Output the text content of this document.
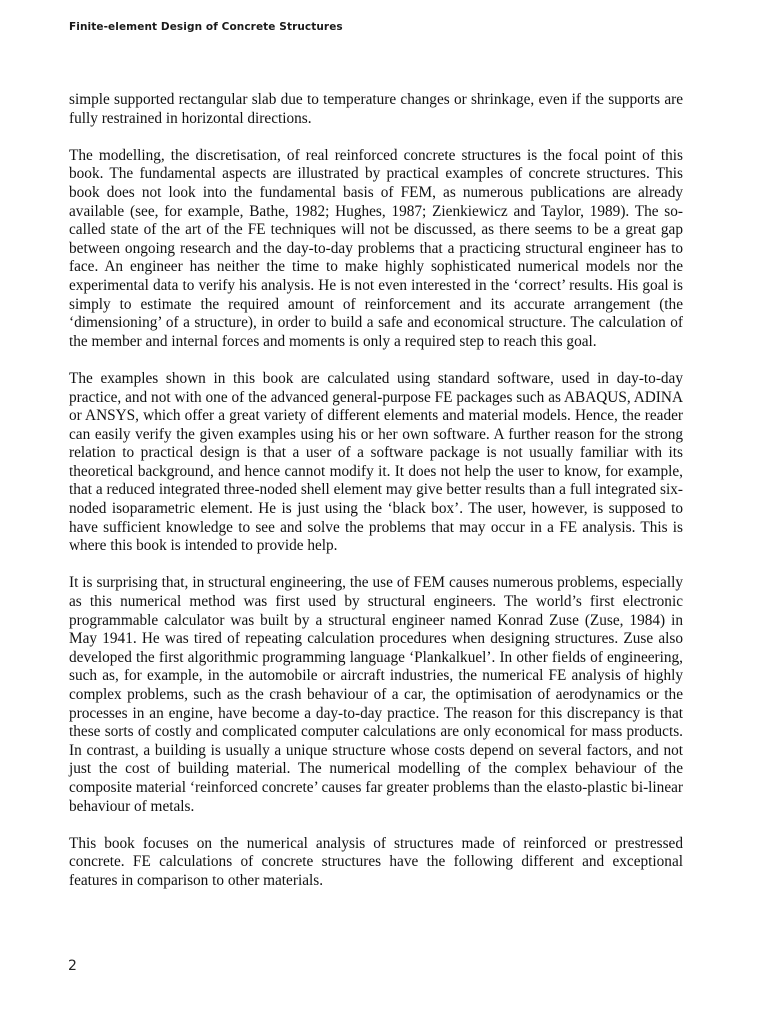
Finite-element Design of Concrete Structures

simple supported rectangular slab due to temperature changes or shrinkage, even if the supports are fully restrained in horizontal directions.

The modelling, the discretisation, of real reinforced concrete structures is the focal point of this book. The fundamental aspects are illustrated by practical examples of concrete structures. This book does not look into the fundamental basis of FEM, as numerous publications are already available (see, for example, Bathe, 1982; Hughes, 1987; Zienkiewicz and Taylor, 1989). The so-called state of the art of the FE techniques will not be discussed, as there seems to be a great gap between ongoing research and the day-to-day problems that a practicing structural engineer has to face. An engineer has neither the time to make highly sophisticated numerical models nor the experimental data to verify his analysis. He is not even interested in the ‘correct’ results. His goal is simply to estimate the required amount of reinforcement and its accurate arrangement (the ‘dimensioning’ of a structure), in order to build a safe and economical structure. The calculation of the member and internal forces and moments is only a required step to reach this goal.

The examples shown in this book are calculated using standard software, used in day-to-day practice, and not with one of the advanced general-purpose FE packages such as ABAQUS, ADINA or ANSYS, which offer a great variety of different elements and material models. Hence, the reader can easily verify the given examples using his or her own software. A further reason for the strong relation to practical design is that a user of a software package is not usually familiar with its theoretical background, and hence cannot modify it. It does not help the user to know, for example, that a reduced integrated three-noded shell element may give better results than a full integrated six-noded isoparametric element. He is just using the ‘black box’. The user, however, is supposed to have sufficient knowledge to see and solve the problems that may occur in a FE analysis. This is where this book is intended to provide help.

It is surprising that, in structural engineering, the use of FEM causes numerous problems, especially as this numerical method was first used by structural engineers. The world’s first electronic programmable calculator was built by a structural engineer named Konrad Zuse (Zuse, 1984) in May 1941. He was tired of repeating calculation procedures when designing structures. Zuse also developed the first algorithmic programming language ‘Plankalkuel’. In other fields of engineering, such as, for example, in the automobile or aircraft industries, the numerical FE analysis of highly complex problems, such as the crash behaviour of a car, the optimisation of aerodynamics or the processes in an engine, have become a day-to-day practice. The reason for this discrepancy is that these sorts of costly and complicated computer calculations are only economical for mass products. In contrast, a building is usually a unique structure whose costs depend on several factors, and not just the cost of building material. The numerical modelling of the complex behaviour of the composite material ‘reinforced concrete’ causes far greater problems than the elasto-plastic bi-linear behaviour of metals.

This book focuses on the numerical analysis of structures made of reinforced or prestressed concrete. FE calculations of concrete structures have the following different and exceptional features in comparison to other materials.

2
